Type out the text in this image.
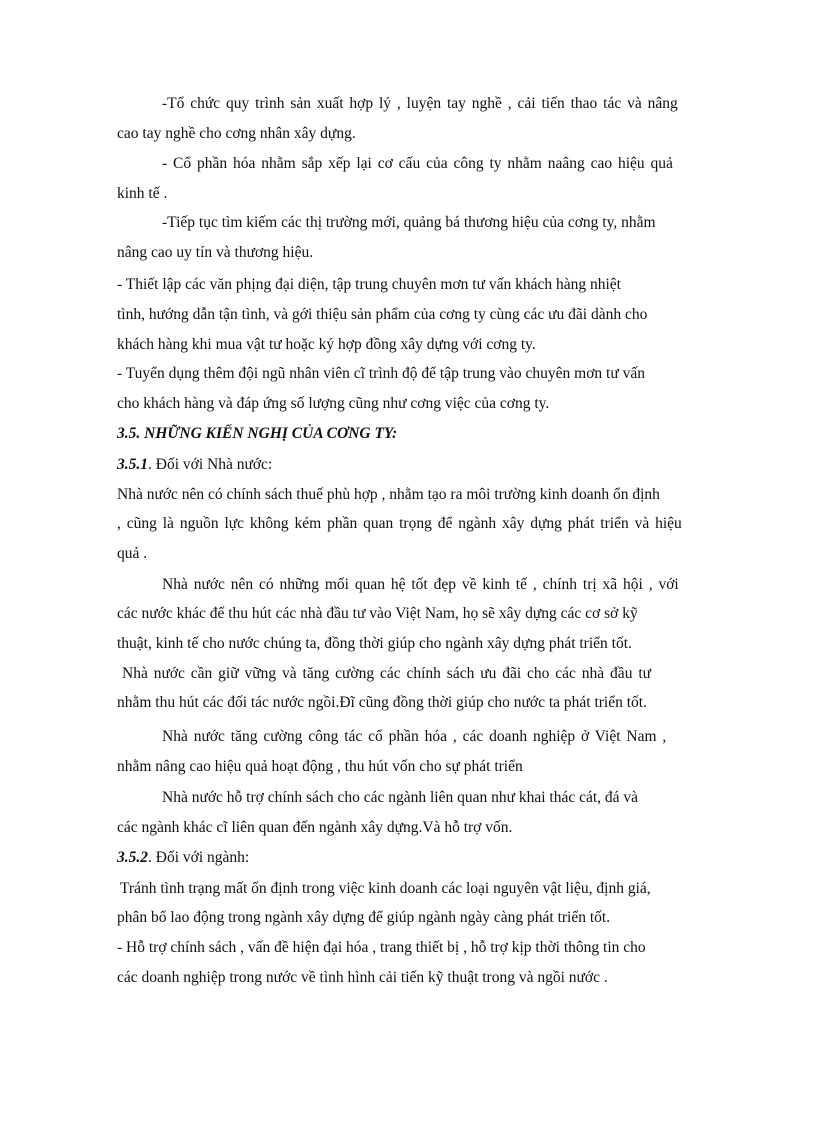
-Tổ chức quy trình sản xuất hợp lý , luyện tay nghề , cải tiến thao tác và nâng
cao tay nghề cho cơng nhân xây dựng.
- Cổ phần hóa nhằm sắp xếp lại cơ cấu của công ty nhằm naâng cao hiệu quả
kinh tế .
-Tiếp tục tìm kiếm các thị trường mới, quảng bá thương hiệu của cơng ty, nhằm
nâng cao uy tín và thương hiệu.
- Thiết lập các văn phịng đại diện, tập trung chuyên mơn tư vấn khách hàng nhiệt
tình, hướng dẫn tận tình, và gới thiệu sản phẩm của cơng ty cùng các ưu đãi dành cho
khách hàng khi mua vật tư hoặc ký hợp đồng xây dựng với cơng ty.
- Tuyển dụng thêm đội ngũ nhân viên cĩ trình độ để tập trung vào chuyên mơn tư vấn
cho khách hàng và đáp ứng số lượng cũng như cơng việc của cơng ty.
3.5. NHỮNG KIẾN NGHỊ CỦA CƠNG TY:
3.5.1. Đối với Nhà nước:
Nhà nước nên có chính sách thuế phù hợp , nhằm tạo ra môi trường kinh doanh ổn định
, cũng là nguồn lực không kém phần quan trọng để ngành xây dựng phát triển và hiệu
quả .
Nhà nước nên có những mối quan hệ tốt đẹp về kinh tế , chính trị xã hội , với
các nước khác để thu hút các nhà đầu tư vào Việt Nam, họ sẽ xây dựng các cơ sở kỹ
thuật, kinh tế cho nước chúng ta, đồng thời giúp cho ngành xây dựng phát triển tốt.
Nhà nước cần giữ vững và tăng cường các chính sách ưu đãi cho các nhà đầu tư
nhằm thu hút các đối tác nước ngồi.Đĩ cũng đồng thời giúp cho nước ta phát triển tốt.
Nhà nước tăng cường công tác cổ phần hóa , các doanh nghiệp ở Việt Nam ,
nhằm nâng cao hiệu quả hoạt động , thu hút vốn cho sự phát triển
Nhà nước hỗ trợ chính sách cho các ngành liên quan như khai thác cát, đá và
các ngành khác cĩ liên quan đến ngành xây dựng.Và hỗ trợ vốn.
3.5.2. Đối với ngành:
Tránh tình trạng mất ổn định trong việc kinh doanh các loại nguyên vật liệu, định giá,
phân bổ lao động trong ngành xây dựng để giúp ngành ngày càng phát triển tốt.
- Hỗ trợ chính sách , vấn đề hiện đại hóa , trang thiết bị , hỗ trợ kịp thời thông tin cho
các doanh nghiệp trong nước về tình hình cải tiến kỹ thuật trong và ngồi nước .
